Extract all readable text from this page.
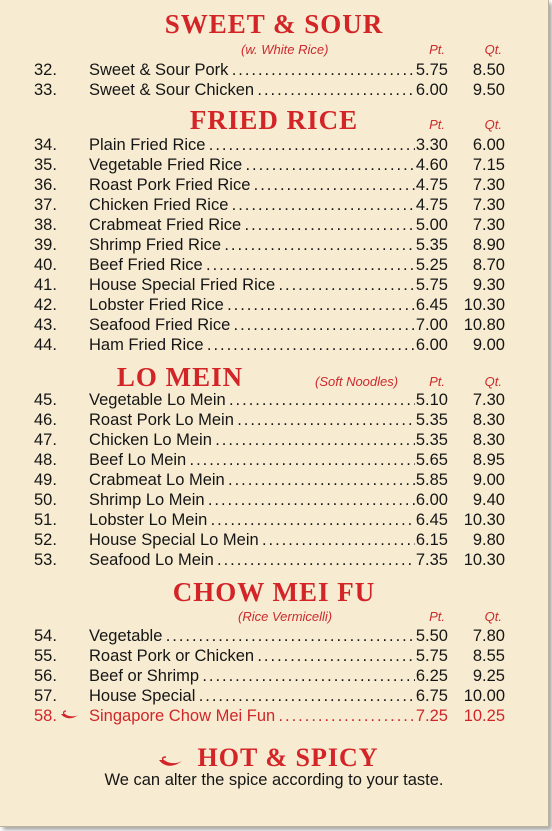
SWEET & SOUR
(w. White Rice)	Pt.	Qt.
32. Sweet & Sour Pork . . .	5.75	8.50
33. Sweet & Sour Chicken . . .	6.00	9.50
FRIED RICE	Pt.	Qt.
34. Plain Fried Rice . . .	3.30	6.00
35. Vegetable Fried Rice . . .	4.60	7.15
36. Roast Pork Fried Rice . . .	4.75	7.30
37. Chicken Fried Rice . . .	4.75	7.30
38. Crabmeat Fried Rice . . .	5.00	7.30
39. Shrimp Fried Rice . . .	5.35	8.90
40. Beef Fried Rice . . .	5.25	8.70
41. House Special Fried Rice . . .	5.75	9.30
42. Lobster Fried Rice . . .	6.45 10.30
43. Seafood Fried Rice . . .	7.00 10.80
44. Ham Fried Rice . . .	6.00	9.00
LO MEIN	(Soft Noodles)	Pt.	Qt.
45. Vegetable Lo Mein . . .	5.10	7.30
46. Roast Pork Lo Mein . . .	5.35	8.30
47. Chicken Lo Mein . . .	5.35	8.30
48. Beef Lo Mein . . .	5.65	8.95
49. Crabmeat Lo Mein . . .	5.85	9.00
50. Shrimp Lo Mein . . .	6.00	9.40
51. Lobster Lo Mein . . .	6.45 10.30
52. House Special Lo Mein . . .	6.15	9.80
53. Seafood Lo Mein . . .	7.35 10.30
CHOW MEI FU
(Rice Vermicelli)	Pt.	Qt.
54. Vegetable . . .	5.50	7.80
55. Roast Pork or Chicken . . .	5.75	8.55
56. Beef or Shrimp . . .	6.25	9.25
57. House Special . . .	6.75 10.00
58. Singapore Chow Mei Fun . . .	7.25 10.25
HOT & SPICY
We can alter the spice according to your taste.
